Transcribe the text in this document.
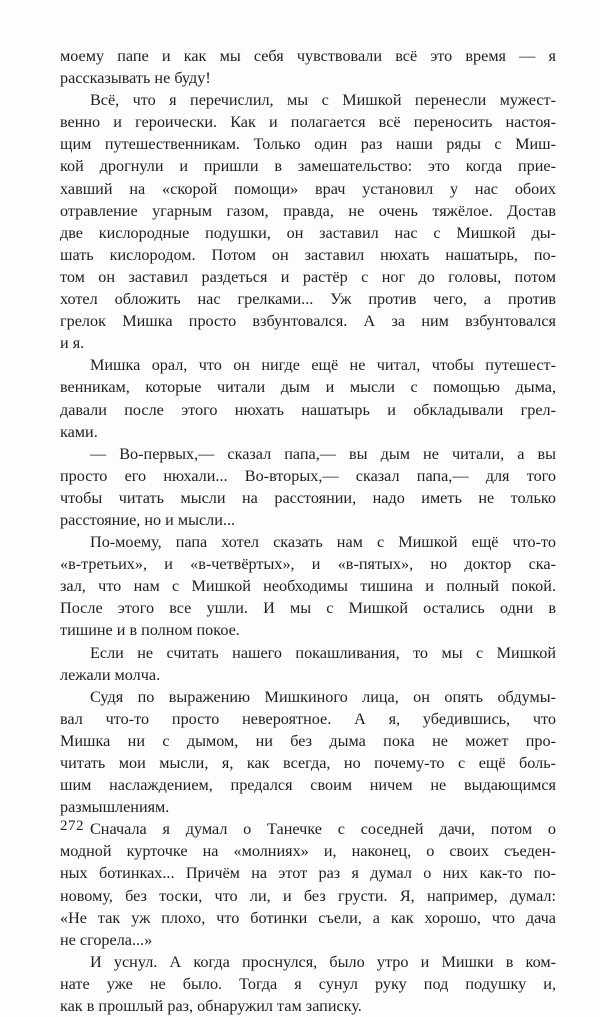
моему папе и как мы себя чувствовали всё это время — я
рассказывать не буду!
Всё, что я перечислил, мы с Мишкой перенесли мужест-
венно и героически. Как и полагается всё переносить настоя-
щим путешественникам. Только один раз наши ряды с Миш-
кой дрогнули и пришли в замешательство: это когда прие-
хавший на «скорой помощи» врач установил у нас обоих
отравление угарным газом, правда, не очень тяжёлое. Достав
две кислородные подушки, он заставил нас с Мишкой ды-
шать кислородом. Потом он заставил нюхать нашатырь, по-
том он заставил раздеться и растёр с ног до головы, потом
хотел обложить нас грелками... Уж против чего, а против
грелок Мишка просто взбунтовался. А за ним взбунтовался
и я.
Мишка орал, что он нигде ещё не читал, чтобы путешест-
венникам, которые читали дым и мысли с помощью дыма,
давали после этого нюхать нашатырь и обкладывали грел-
ками.
— Во-первых,— сказал папа,— вы дым не читали, а вы
просто его нюхали... Во-вторых,— сказал папа,— для того
чтобы читать мысли на расстоянии, надо иметь не только
расстояние, но и мысли...
По-моему, папа хотел сказать нам с Мишкой ещё что-то
«в-третьих», и «в-четвёртых», и «в-пятых», но доктор ска-
зал, что нам с Мишкой необходимы тишина и полный покой.
После этого все ушли. И мы с Мишкой остались одни в
тишине и в полном покое.
Если не считать нашего покашливания, то мы с Мишкой
лежали молча.
Судя по выражению Мишкиного лица, он опять обдумы-
вал что-то просто невероятное. А я, убедившись, что
Мишка ни с дымом, ни без дыма пока не может про-
читать мои мысли, я, как всегда, но почему-то с ещё боль-
шим наслаждением, предался своим ничем не выдающимся
размышлениям.
Сначала я думал о Танечке с соседней дачи, потом о
модной курточке на «молниях» и, наконец, о своих съеден-
ных ботинках... Причём на этот раз я думал о них как-то по-
новому, без тоски, что ли, и без грусти. Я, например, думал:
«Не так уж плохо, что ботинки съели, а как хорошо, что дача
не сгорела...»
И уснул. А когда проснулся, было утро и Мишки в ком-
нате уже не было. Тогда я сунул руку под подушку и,
как в прошлый раз, обнаружил там записку.
272
